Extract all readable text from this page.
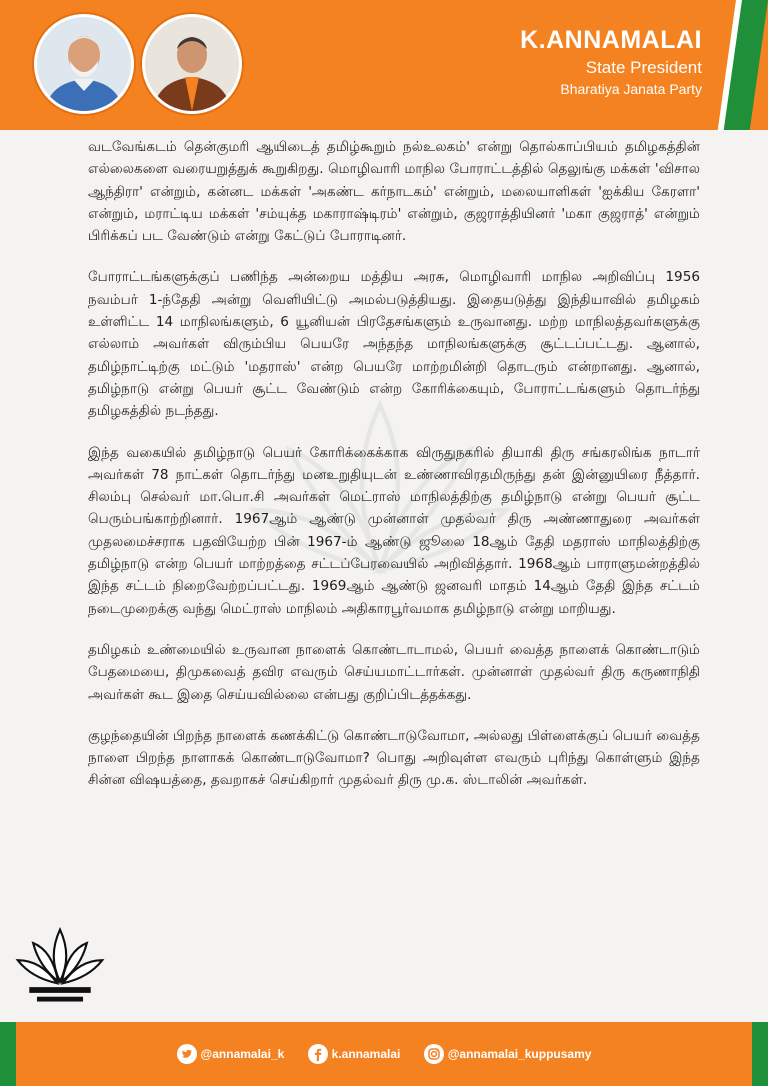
K.ANNAMALAI
State President
Bharatiya Janata Party

வடவேங்கடம் தென்குமரி ஆயிடைத் தமிழ்கூறும் நல்உலகம்' என்று தொல்காப்பியம் தமிழகத்தின் எல்லைகளை வரையறுத்துக் கூறுகிறது. மொழிவாரி மாநில போராட்டத்தில் தெலுங்கு மக்கள் 'விசால ஆந்திரா' என்றும், கன்னட மக்கள் 'அகண்ட கர்நாடகம்' என்றும், மலையாளிகள் 'ஐக்கிய கேரளா' என்றும், மராட்டிய மக்கள் 'சம்யுக்த மகாராஷ்டிரம்' என்றும், குஜராத்தியினர் 'மகா குஜராத்' என்றும் பிரிக்கப் பட வேண்டும் என்று கேட்டுப் போராடினர்.

போராட்டங்களுக்குப் பணிந்த அன்றைய மத்திய அரசு, மொழிவாரி மாநில அறிவிப்பு 1956 நவம்பர் 1-ந்தேதி அன்று வெளியிட்டு அமல்படுத்தியது. இதையடுத்து இந்தியாவில் தமிழகம் உள்ளிட்ட 14 மாநிலங்களும், 6 யூனியன் பிரதேசங்களும் உருவானது. மற்ற மாநிலத்தவர்களுக்கு எல்லாம் அவர்கள் விரும்பிய பெயரே அந்தந்த மாநிலங்களுக்கு சூட்டப்பட்டது. ஆனால், தமிழ்நாட்டிற்கு மட்டும் 'மதராஸ்' என்ற பெயரே மாற்றமின்றி தொடரும் என்றானது. ஆனால், தமிழ்நாடு என்று பெயர் சூட்ட வேண்டும் என்ற கோரிக்கையும், போராட்டங்களும் தொடர்ந்து தமிழகத்தில் நடந்தது.

இந்த வகையில் தமிழ்நாடு பெயர் கோரிக்கைக்காக விருதுநகரில் தியாகி திரு சங்கரலிங்க நாடார் அவர்கள் 78 நாட்கள் தொடர்ந்து மனஉறுதியுடன் உண்ணாவிரதமிருந்து தன் இன்னுயிரை நீத்தார். சிலம்பு செல்வர் மா.பொ.சி அவர்கள் மெட்ராஸ் மாநிலத்திற்கு தமிழ்நாடு என்று பெயர் சூட்ட பெரும்பங்காற்றினார். 1967ஆம் ஆண்டு முன்னாள் முதல்வர் திரு அண்ணாதுரை அவர்கள் முதலமைச்சராக பதவியேற்ற பின் 1967-ம் ஆண்டு ஜூலை 18ஆம் தேதி மதராஸ் மாநிலத்திற்கு தமிழ்நாடு என்ற பெயர் மாற்றத்தை சட்டப்பேரவையில் அறிவித்தார். 1968ஆம் பாராளுமன்றத்தில் இந்த சட்டம் நிறைவேற்றப்பட்டது. 1969ஆம் ஆண்டு ஜனவரி மாதம் 14ஆம் தேதி இந்த சட்டம் நடைமுறைக்கு வந்து மெட்ராஸ் மாநிலம் அதிகாரபூர்வமாக தமிழ்நாடு என்று மாறியது.

தமிழகம் உண்மையில் உருவான நாளைக் கொண்டாடாமல், பெயர் வைத்த நாளைக் கொண்டாடும் பேதமையை, திமுகவைத் தவிர எவரும் செய்யமாட்டார்கள். முன்னாள் முதல்வர் திரு கருணாநிதி அவர்கள் கூட இதை செய்யவில்லை என்பது குறிப்பிடத்தக்கது.

குழந்தையின் பிறந்த நாளைக் கணக்கிட்டு கொண்டாடுவோமா, அல்லது பிள்ளைக்குப் பெயர் வைத்த நாளை பிறந்த நாளாகக் கொண்டாடுவோமா? பொது அறிவுள்ள எவரும் புரிந்து கொள்ளும் இந்த சின்ன விஷயத்தை, தவறாகச் செய்கிறார் முதல்வர் திரு மு.க. ஸ்டாலின் அவர்கள்.

@annamalai_k
	k.annamalai
	@annamalai_kuppusamy
